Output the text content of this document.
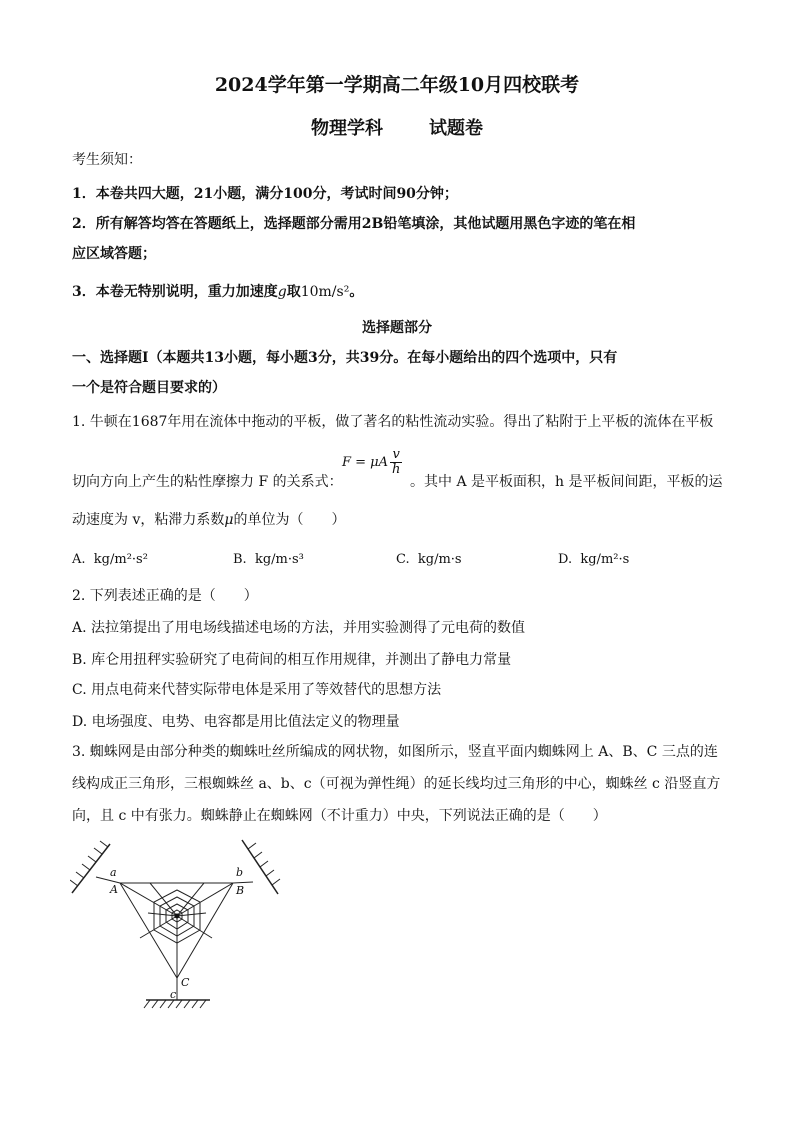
2024学年第一学期高二年级10月四校联考
物理学科	试题卷
考生须知：
1．本卷共四大题，21小题，满分100分，考试时间90分钟；
2．所有解答均答在答题纸上，选择题部分需用2B铅笔填涂，其他试题用黑色字迹的笔在相
应区域答题；
3．本卷无特别说明，重力加速度g取10m/s²。
选择题部分
一、选择题Ⅰ（本题共13小题，每小题3分，共39分。在每小题给出的四个选项中，只有
一个是符合题目要求的）
1. 牛顿在1687年用在流体中拖动的平板，做了著名的粘性流动实验。得出了粘附于上平板的流体在平板
F = μA $\frac{v}{h}$
切向方向上产生的粘性摩擦力 F 的关系式：	。其中 A 是平板面积，h 是平板间间距，平板的运
动速度为 v，粘滞力系数μ的单位为（　　）
A. kg/m²·s²	B. kg/m·s³	C. kg/m·s	D. kg/m²·s
2. 下列表述正确的是（　　）
A. 法拉第提出了用电场线描述电场的方法，并用实验测得了元电荷的数值
B. 库仑用扭秤实验研究了电荷间的相互作用规律，并测出了静电力常量
C. 用点电荷来代替实际带电体是采用了等效替代的思想方法
D. 电场强度、电势、电容都是用比值法定义的物理量
3. 蜘蛛网是由部分种类的蜘蛛吐丝所编成的网状物，如图所示，竖直平面内蜘蛛网上 A、B、C 三点的连
线构成正三角形，三根蜘蛛丝 a、b、c（可视为弹性绳）的延长线均过三角形的中心，蜘蛛丝 c 沿竖直方
向，且 c 中有张力。蜘蛛静止在蜘蛛网（不计重力）中央，下列说法正确的是（　　）
a
A
b
B
C
c
